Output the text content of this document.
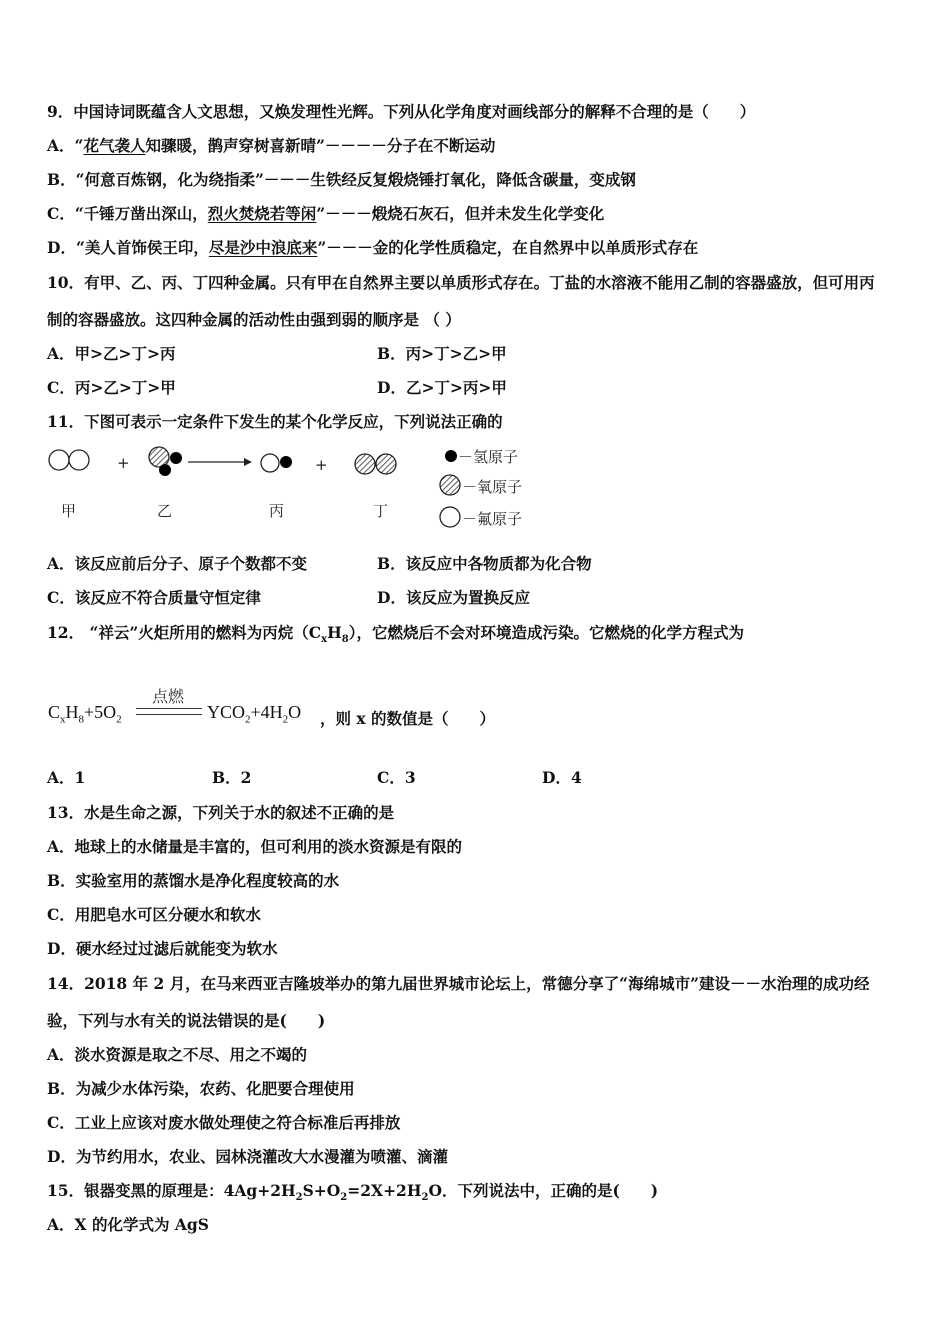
9．中国诗词既蕴含人文思想，又焕发理性光辉。下列从化学角度对画线部分的解释不合理的是（　　）
A．“花气袭人知骤暖，鹊声穿树喜新晴”－－－－分子在不断运动
B．“何意百炼钢，化为绕指柔”－－－生铁经反复煅烧锤打氧化，降低含碳量，变成钢
C．“千锤万凿出深山，烈火焚烧若等闲”－－－煅烧石灰石，但并未发生化学变化
D．“美人首饰侯王印，尽是沙中浪底来”－－－金的化学性质稳定，在自然界中以单质形式存在
10．有甲、乙、丙、丁四种金属。只有甲在自然界主要以单质形式存在。丁盐的水溶液不能用乙制的容器盛放，但可用丙
制的容器盛放。这四种金属的活动性由强到弱的顺序是 （ ）
A．甲>乙>丁>丙	B．丙>丁>乙>甲
C．丙>乙>丁>甲	D．乙>丁>丙>甲
11．下图可表示一定条件下发生的某个化学反应，下列说法正确的
+	+
甲	乙	丙	丁
－氢原子
－氧原子
－氟原子
A．该反应前后分子、原子个数都不变	B．该反应中各物质都为化合物
C．该反应不符合质量守恒定律	D．该反应为置换反应
12． “祥云”火炬所用的燃料为丙烷$(C_xH_8)$，它燃烧后不会对环境造成污染。它燃烧的化学方程式为
$C_xH_8+5O_2$
点燃
$YCO_2+4H_2O$ ，则 x 的数值是（　　）
A．1	B．2	C．3	D．4
13．水是生命之源，下列关于水的叙述不正确的是
A．地球上的水储量是丰富的，但可利用的淡水资源是有限的
B．实验室用的蒸馏水是净化程度较高的水
C．用肥皂水可区分硬水和软水
D．硬水经过过滤后就能变为软水
14．2018 年 2 月，在马来西亚吉隆坡举办的第九届世界城市论坛上，常德分享了“海绵城市”建设－－水治理的成功经
验，下列与水有关的说法错误的是(　　)
A．淡水资源是取之不尽、用之不竭的
B．为减少水体污染，农药、化肥要合理使用
C．工业上应该对废水做处理使之符合标准后再排放
D．为节约用水，农业、园林浇灌改大水漫灌为喷灌、滴灌
15．银器变黑的原理是：$4Ag+2H_2S+O_2=2X+2H_2O$．下列说法中，正确的是(　　)
A．X 的化学式为 AgS
